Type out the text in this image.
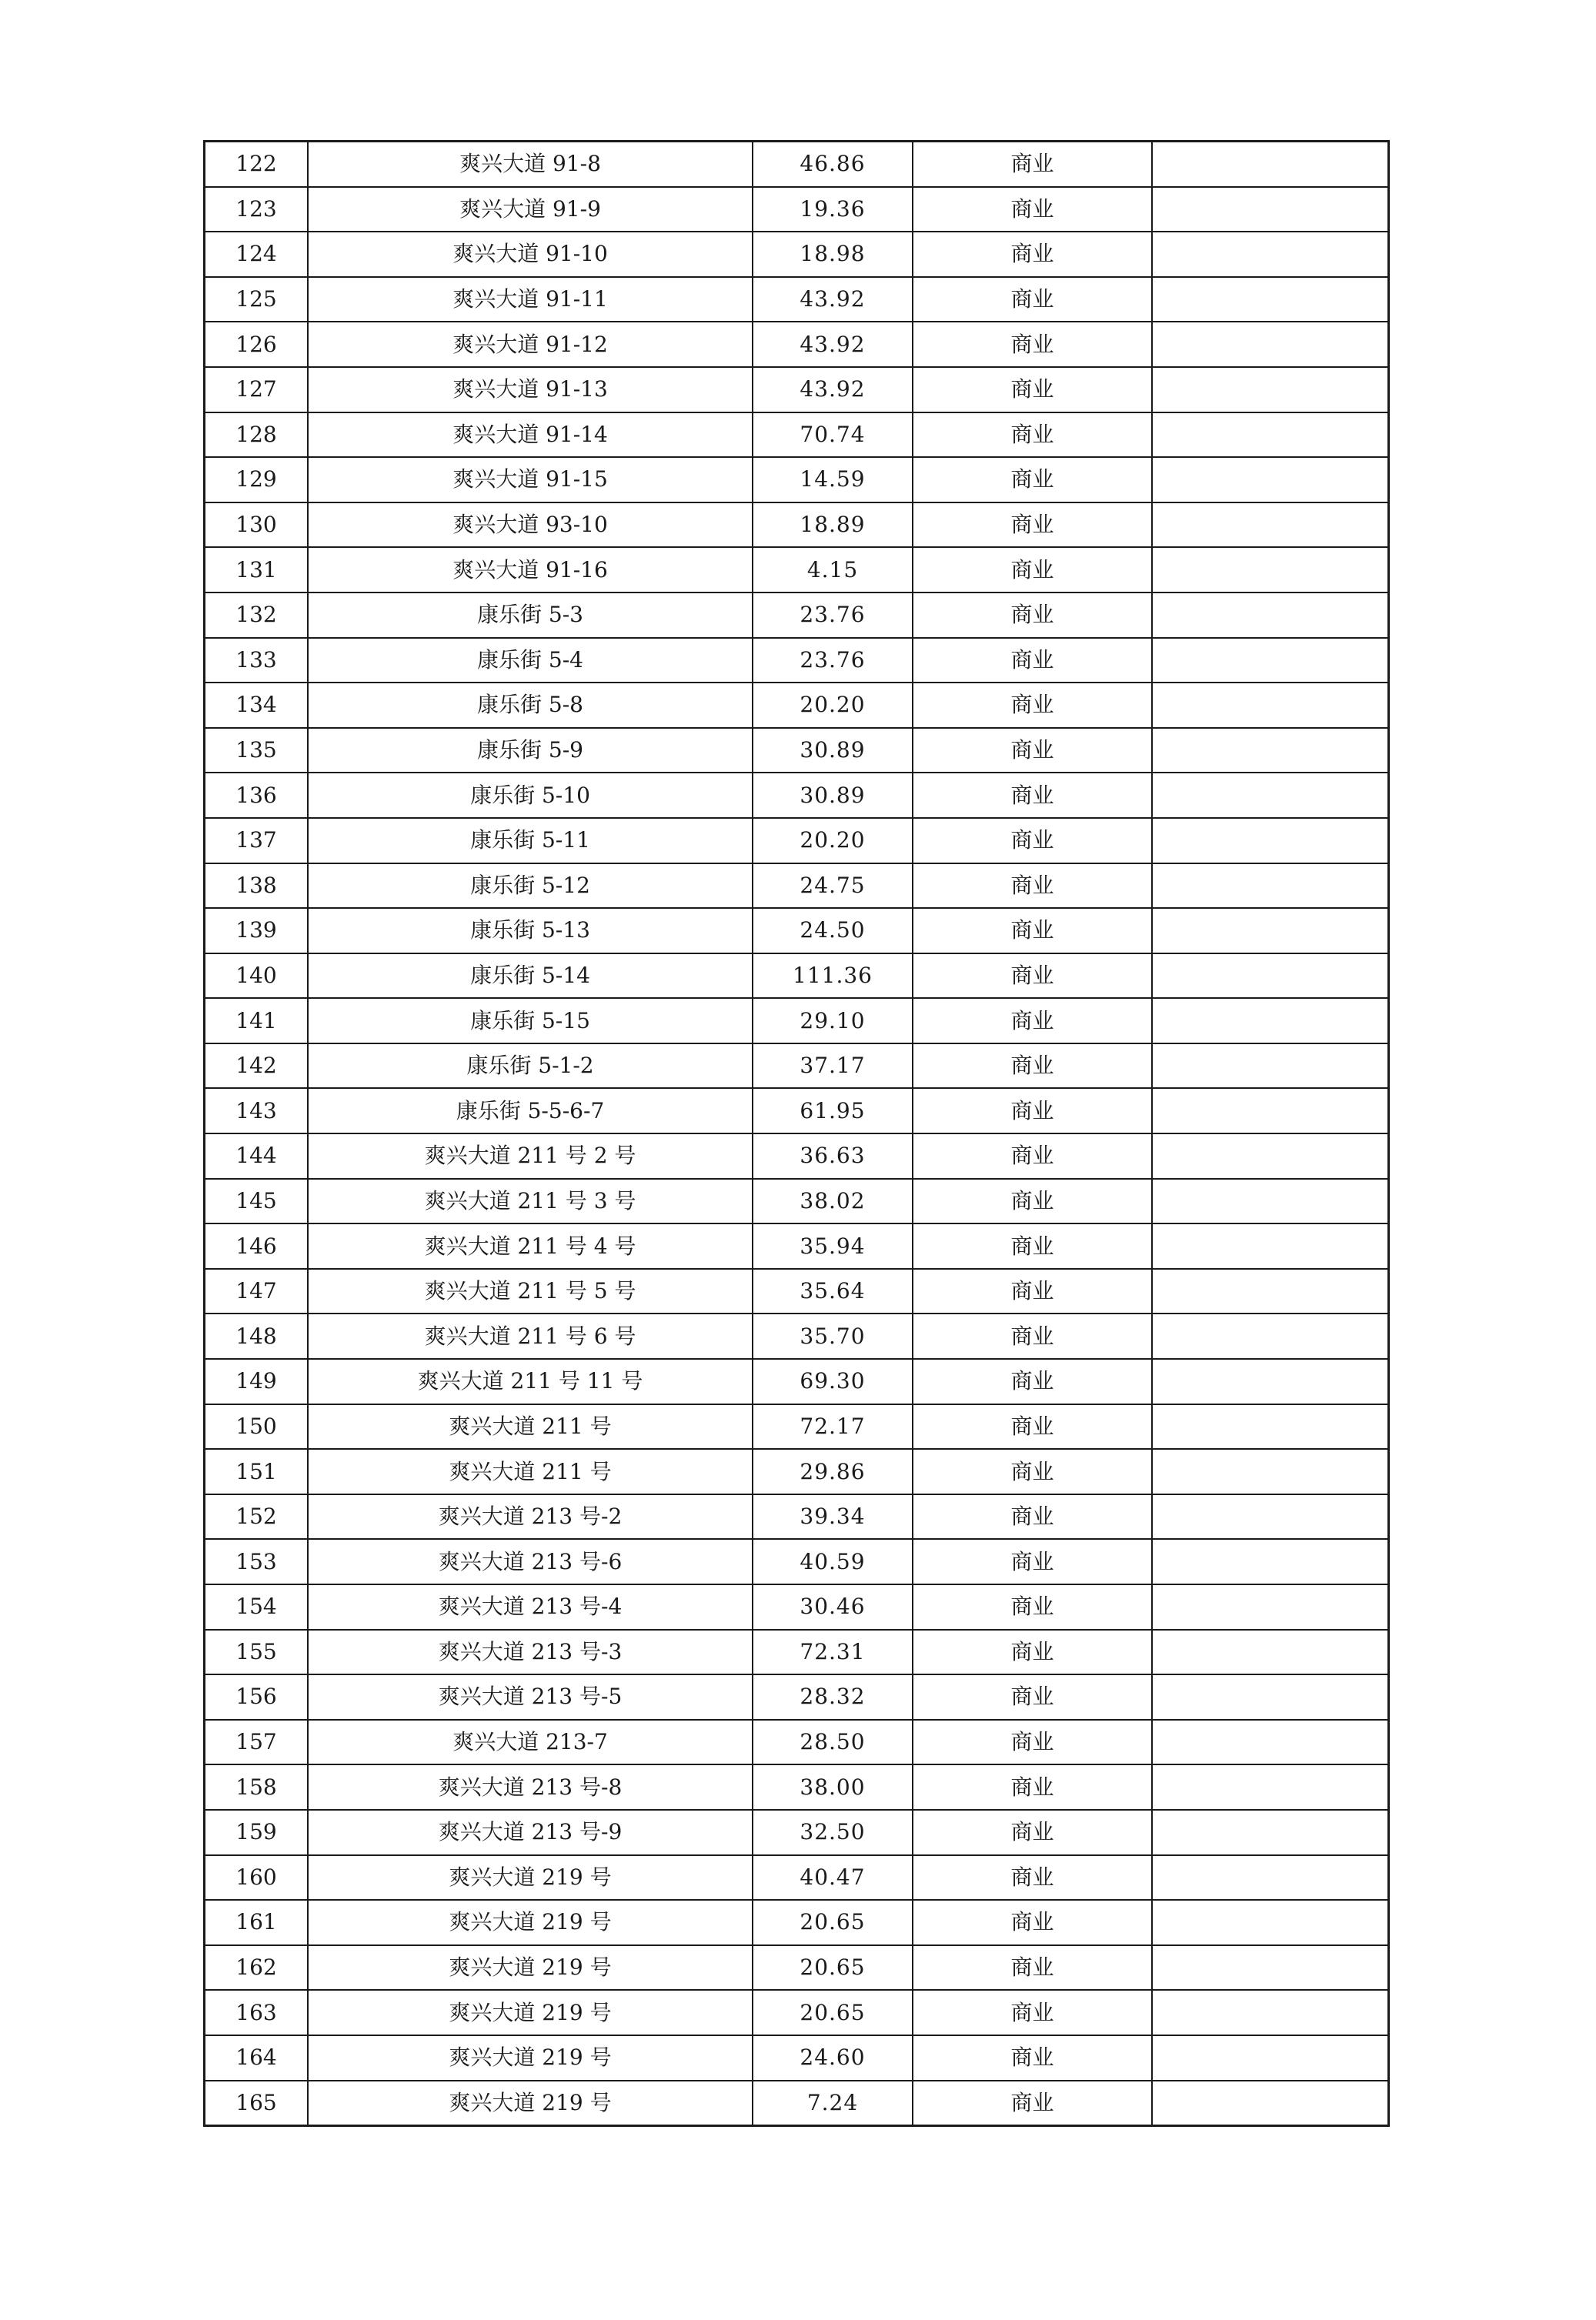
122	爽兴大道 91-8	46.86	商业	
123	爽兴大道 91-9	19.36	商业	
124	爽兴大道 91-10	18.98	商业	
125	爽兴大道 91-11	43.92	商业	
126	爽兴大道 91-12	43.92	商业	
127	爽兴大道 91-13	43.92	商业	
128	爽兴大道 91-14	70.74	商业	
129	爽兴大道 91-15	14.59	商业	
130	爽兴大道 93-10	18.89	商业	
131	爽兴大道 91-16	4.15	商业	
132	康乐街 5-3	23.76	商业	
133	康乐街 5-4	23.76	商业	
134	康乐街 5-8	20.20	商业	
135	康乐街 5-9	30.89	商业	
136	康乐街 5-10	30.89	商业	
137	康乐街 5-11	20.20	商业	
138	康乐街 5-12	24.75	商业	
139	康乐街 5-13	24.50	商业	
140	康乐街 5-14	111.36	商业	
141	康乐街 5-15	29.10	商业	
142	康乐街 5-1-2	37.17	商业	
143	康乐街 5-5-6-7	61.95	商业	
144	爽兴大道 211 号 2 号	36.63	商业	
145	爽兴大道 211 号 3 号	38.02	商业	
146	爽兴大道 211 号 4 号	35.94	商业	
147	爽兴大道 211 号 5 号	35.64	商业	
148	爽兴大道 211 号 6 号	35.70	商业	
149	爽兴大道 211 号 11 号	69.30	商业	
150	爽兴大道 211 号	72.17	商业	
151	爽兴大道 211 号	29.86	商业	
152	爽兴大道 213 号-2	39.34	商业	
153	爽兴大道 213 号-6	40.59	商业	
154	爽兴大道 213 号-4	30.46	商业	
155	爽兴大道 213 号-3	72.31	商业	
156	爽兴大道 213 号-5	28.32	商业	
157	爽兴大道 213-7	28.50	商业	
158	爽兴大道 213 号-8	38.00	商业	
159	爽兴大道 213 号-9	32.50	商业	
160	爽兴大道 219 号	40.47	商业	
161	爽兴大道 219 号	20.65	商业	
162	爽兴大道 219 号	20.65	商业	
163	爽兴大道 219 号	20.65	商业	
164	爽兴大道 219 号	24.60	商业	
165	爽兴大道 219 号	7.24	商业	
